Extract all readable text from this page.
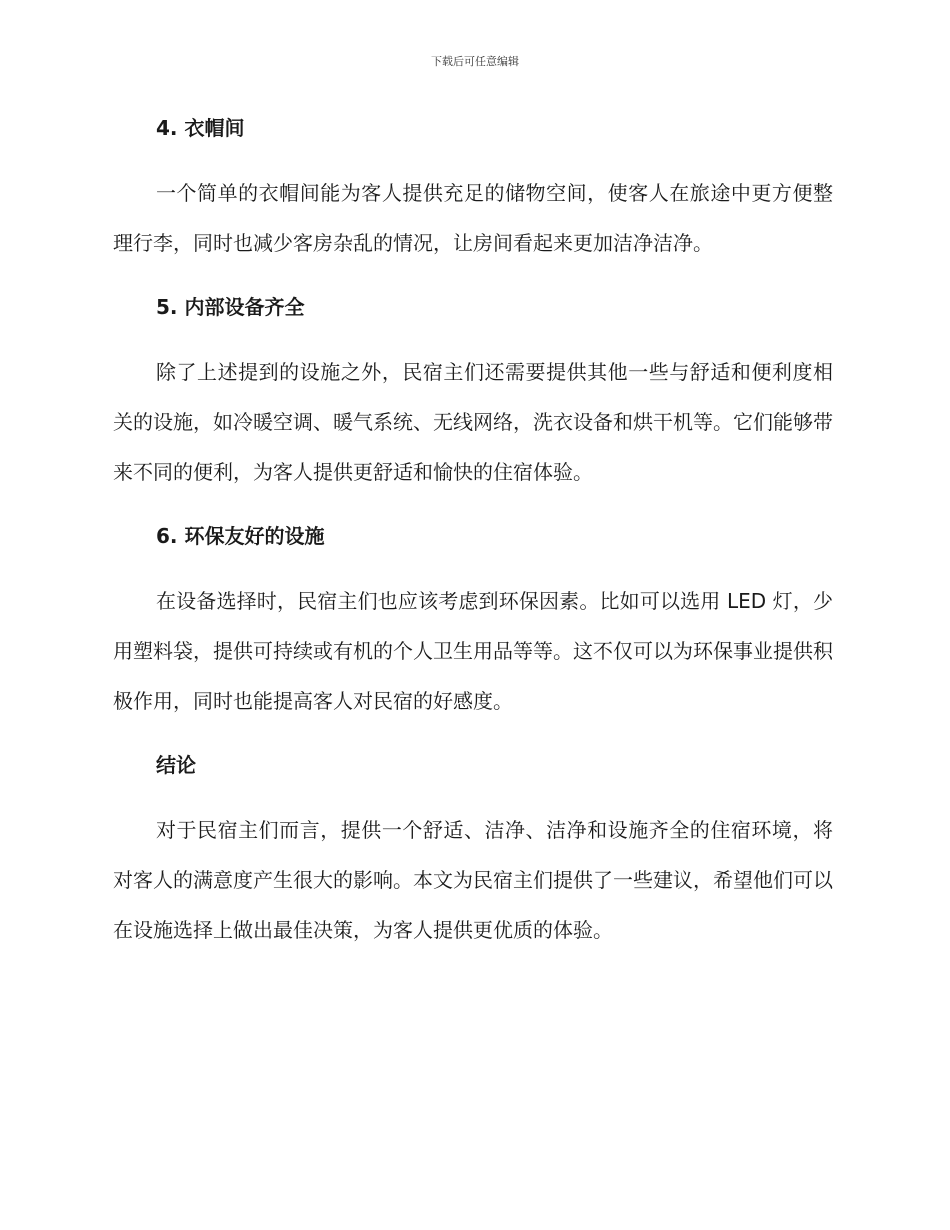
下载后可任意编辑
4. 衣帽间

一个简单的衣帽间能为客人提供充足的储物空间，使客人在旅途中更方便整理行李，同时也减少客房杂乱的情况，让房间看起来更加洁净洁净。

5. 内部设备齐全

除了上述提到的设施之外，民宿主们还需要提供其他一些与舒适和便利度相关的设施，如冷暖空调、暖气系统、无线网络，洗衣设备和烘干机等。它们能够带来不同的便利，为客人提供更舒适和愉快的住宿体验。

6. 环保友好的设施

在设备选择时，民宿主们也应该考虑到环保因素。比如可以选用 LED 灯，少用塑料袋，提供可持续或有机的个人卫生用品等等。这不仅可以为环保事业提供积极作用，同时也能提高客人对民宿的好感度。

结论

对于民宿主们而言，提供一个舒适、洁净、洁净和设施齐全的住宿环境，将对客人的满意度产生很大的影响。本文为民宿主们提供了一些建议，希望他们可以在设施选择上做出最佳决策，为客人提供更优质的体验。
